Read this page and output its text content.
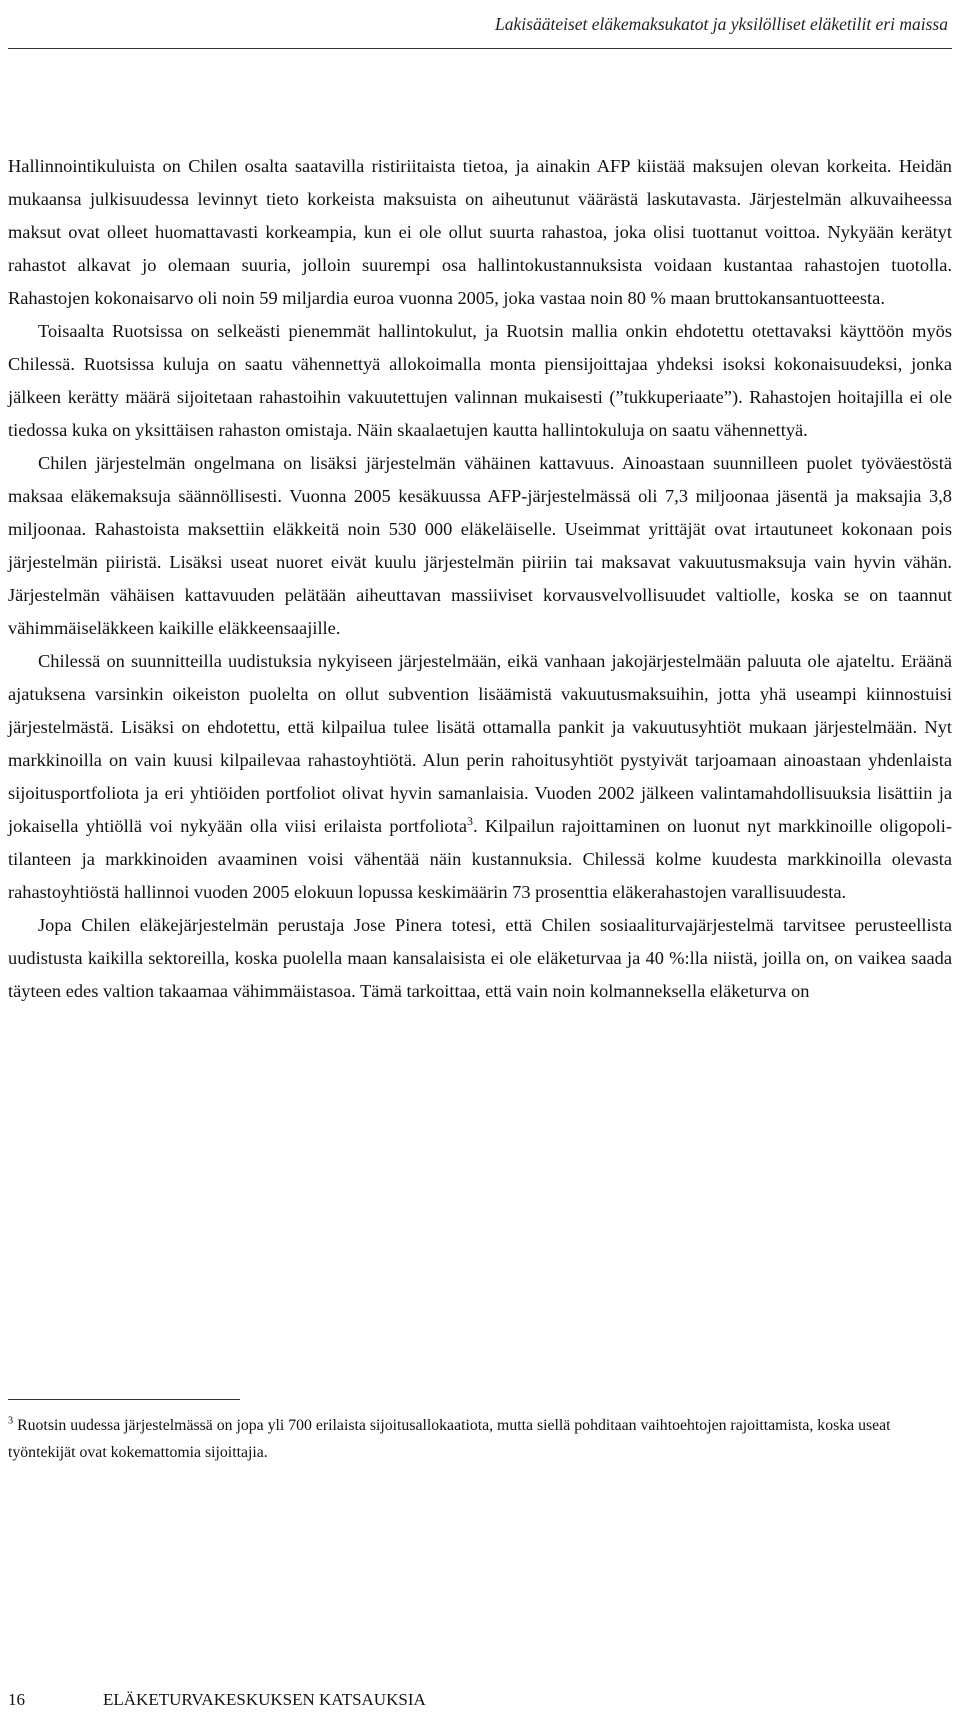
Lakisääteiset eläkemaksukatot ja yksilölliset eläketilit eri maissa

Hallinnointikuluista on Chilen osalta saatavilla ristiriitaista tietoa, ja ainakin AFP kiistää maksujen olevan korkeita. Heidän mukaansa julkisuudessa levinnyt tieto korkeista maksuista on aiheutunut väärästä laskutavasta. Järjestelmän alkuvaiheessa maksut ovat olleet huomattavasti korkeampia, kun ei ole ollut suurta rahastoa, joka olisi tuottanut voittoa. Nykyään kerätyt rahastot alkavat jo olemaan suuria, jolloin suurempi osa hallintokustannuksista voidaan kustantaa rahastojen tuotolla. Rahastojen kokonaisarvo oli noin 59 miljardia euroa vuonna 2005, joka vastaa noin 80 % maan bruttokansantuotteesta.

Toisaalta Ruotsissa on selkeästi pienemmät hallintokulut, ja Ruotsin mallia onkin ehdotettu otettavaksi käyttöön myös Chilessä. Ruotsissa kuluja on saatu vähennettyä allokoimalla monta piensijoittajaa yhdeksi isoksi kokonaisuudeksi, jonka jälkeen kerätty määrä sijoitetaan rahastoihin vakuutettujen valinnan mukaisesti (”tukkuperiaate”). Rahastojen hoitajilla ei ole tiedossa kuka on yksittäisen rahaston omistaja. Näin skaalaetujen kautta hallintokuluja on saatu vähennettyä.

Chilen järjestelmän ongelmana on lisäksi järjestelmän vähäinen kattavuus. Ainoastaan suunnilleen puolet työväestöstä maksaa eläkemaksuja säännöllisesti. Vuonna 2005 kesäkuussa AFP-järjestelmässä oli 7,3 miljoonaa jäsentä ja maksajia 3,8 miljoonaa. Rahastoista maksettiin eläkkeitä noin 530 000 eläkeläiselle. Useimmat yrittäjät ovat irtautuneet kokonaan pois järjestelmän piiristä. Lisäksi useat nuoret eivät kuulu järjestelmän piiriin tai maksavat vakuutusmaksuja vain hyvin vähän. Järjestelmän vähäisen kattavuuden pelätään aiheuttavan massiiviset korvausvelvollisuudet valtiolle, koska se on taannut vähimmäiseläkkeen kaikille eläkkeensaajille.

Chilessä on suunnitteilla uudistuksia nykyiseen järjestelmään, eikä vanhaan jakojärjestelmään paluuta ole ajateltu. Eräänä ajatuksena varsinkin oikeiston puolelta on ollut subvention lisäämistä vakuutusmaksuihin, jotta yhä useampi kiinnostuisi järjestelmästä. Lisäksi on ehdotettu, että kilpailua tulee lisätä ottamalla pankit ja vakuutusyhtiöt mukaan järjestelmään. Nyt markkinoilla on vain kuusi kilpailevaa rahastoyhtiötä. Alun perin rahoitusyhtiöt pystyivät tarjoamaan ainoastaan yhdenlaista sijoitusportfoliota ja eri yhtiöiden portfoliot olivat hyvin samanlaisia. Vuoden 2002 jälkeen valintamahdollisuuksia lisättiin ja jokaisella yhtiöllä voi nykyään olla viisi erilaista portfoliota$^3$. Kilpailun rajoittaminen on luonut nyt markkinoille oligopoli-tilanteen ja markkinoiden avaaminen voisi vähentää näin kustannuksia. Chilessä kolme kuudesta markkinoilla olevasta rahastoyhtiöstä hallinnoi vuoden 2005 elokuun lopussa keskimäärin 73 prosenttia eläkerahastojen varallisuudesta.

Jopa Chilen eläkejärjestelmän perustaja Jose Pinera totesi, että Chilen sosiaaliturvajärjestelmä tarvitsee perusteellista uudistusta kaikilla sektoreilla, koska puolella maan kansalaisista ei ole eläketurvaa ja 40 %:lla niistä, joilla on, on vaikea saada täyteen edes valtion takaamaa vähimmäistasoa. Tämä tarkoittaa, että vain noin kolmanneksella eläketurva on

$^3$ Ruotsin uudessa järjestelmässä on jopa yli 700 erilaista sijoitusallokaatiota, mutta siellä pohditaan vaihtoehtojen rajoittamista, koska useat työntekijät ovat kokemattomia sijoittajia.
16	ELÄKETURVAKESKUKSEN KATSAUKSIA
